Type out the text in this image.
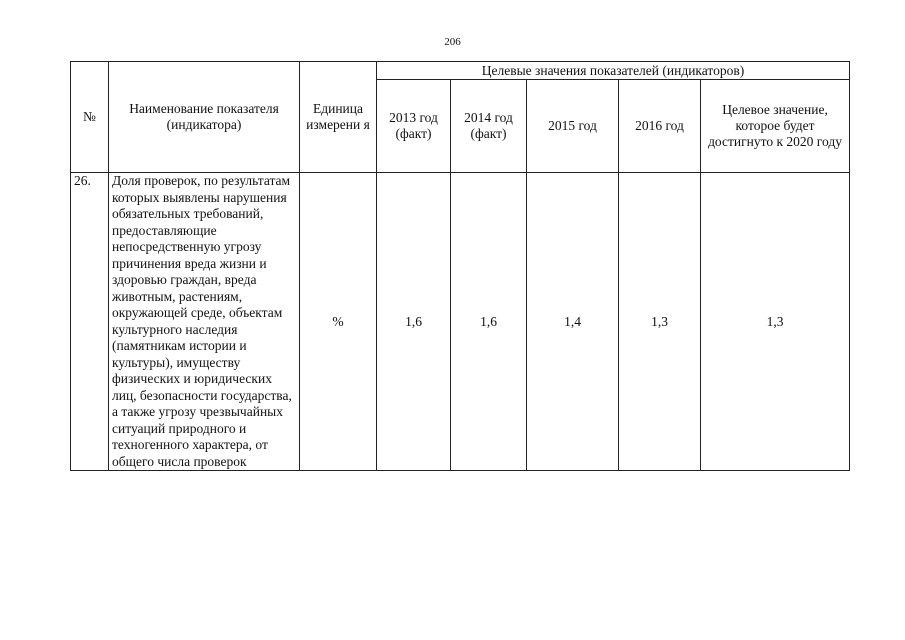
206
№	Наименование показателя (индикатора)	Единица измерени я	Целевые значения показателей (индикаторов)				
			2013 год (факт)	2014 год (факт)	2015 год	2016 год	Целевое значение, которое будет достигнуто к 2020 году
26.	Доля проверок, по результатам которых выявлены нарушения обязательных требований, предоставляющие непосредственную угрозу причинения вреда жизни и здоровью граждан, вреда животным, растениям, окружающей среде, объектам культурного наследия (памятникам истории и культуры), имуществу физических и юридических лиц, безопасности государства, а также угрозу чрезвычайных ситуаций природного и техногенного характера, от общего числа проверок	%	1,6	1,6	1,4	1,3	1,3
